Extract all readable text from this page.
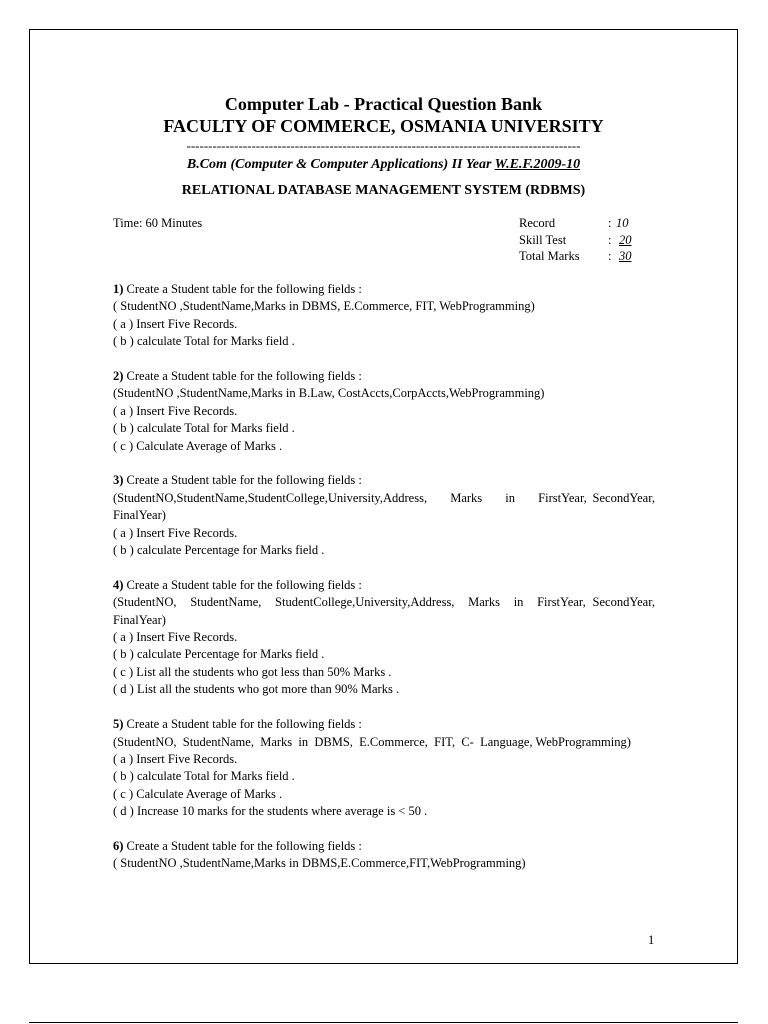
Computer Lab - Practical Question Bank
FACULTY OF COMMERCE, OSMANIA UNIVERSITY
-------------------------------------------------------------------------------------------
B.Com (Computer & Computer Applications) II Year W.E.F.2009-10
RELATIONAL DATABASE MANAGEMENT SYSTEM (RDBMS)
Time: 60 Minutes	Record	: 10
Skill Test	: 20
Total Marks	: 30
1) Create a Student table for the following fields :
( StudentNO ,StudentName,Marks in DBMS, E.Commerce, FIT, WebProgramming)
( a ) Insert Five Records.
( b ) calculate Total for Marks field .
2) Create a Student table for the following fields :
(StudentNO ,StudentName,Marks in B.Law, CostAccts,CorpAccts,WebProgramming)
( a ) Insert Five Records.
( b ) calculate Total for Marks field .
( c ) Calculate Average of Marks .
3) Create a Student table for the following fields :
(StudentNO,StudentName,StudentCollege,University,Address,    Marks    in    FirstYear, SecondYear, FinalYear)
( a ) Insert Five Records.
( b ) calculate Percentage for Marks field .
4) Create a Student table for the following fields :
(StudentNO,  StudentName,  StudentCollege,University,Address,  Marks  in  FirstYear, SecondYear, FinalYear)
( a ) Insert Five Records.
( b ) calculate Percentage for Marks field .
( c ) List all the students who got less than 50% Marks .
( d ) List all the students who got more than 90% Marks .
5) Create a Student table for the following fields :
(StudentNO,  StudentName,  Marks  in  DBMS,  E.Commerce,  FIT,  C-  Language, WebProgramming)
( a ) Insert Five Records.
( b ) calculate Total for Marks field .
( c ) Calculate Average of Marks .
( d ) Increase 10 marks for the students where average is < 50 .
6) Create a Student table for the following fields :
( StudentNO ,StudentName,Marks in DBMS,E.Commerce,FIT,WebProgramming)
1
